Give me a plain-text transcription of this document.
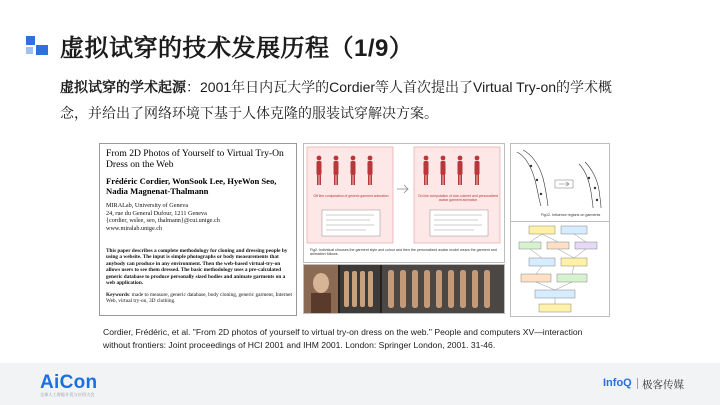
虚拟试穿的技术发展历程（1/9）
虚拟试穿的学术起源：2001年日内瓦大学的Cordier等人首次提出了Virtual Try-on的学术概念，并给出了网络环境下基于人体克隆的服装试穿解决方案。
From 2D Photos of Yourself to Virtual Try-On Dress on the Web
Frédéric Cordier, WonSook Lee, HyeWon Seo, Nadia Magnenat-Thalmann
MIRALab, University of Geneva
24, rue du General Dufour, 1211 Geneva
{cordier, wslee, seo, thalmann}@cui.unige.ch
www.miralab.unige.ch
This paper describes a complete methodology for cloning and dressing people by using a website. The input is simple photographs or body measurements that anybody can produce in any environment. Then the web-based virtual-try-on allows users to see them dressed. The basic methodology uses a pre-calculated generic database to produce personally sized bodies and animate garments on a web application.
Keywords: made to measure, generic database, body cloning, generic garment, Internet Web, virtual try-on, 3D clothing.
Off line computation of generic garment animation	On line computation of size-colored and personalized avatar garment animation
Fig2. Individual chooses the garment style and colour and then the personalized avatar model wears the garment and animation follows.
Fig12. Influence regions on garments
Cordier, Frédéric, et al. "From 2D photos of yourself to virtual try-on dress on the web." People and computers XV—interaction without frontiers: Joint proceedings of HCI 2001 and IHM 2001. London: Springer London, 2001. 31-46.
AiCon
全球人工智能开发与应用大会
InfoQ 极客传媒
